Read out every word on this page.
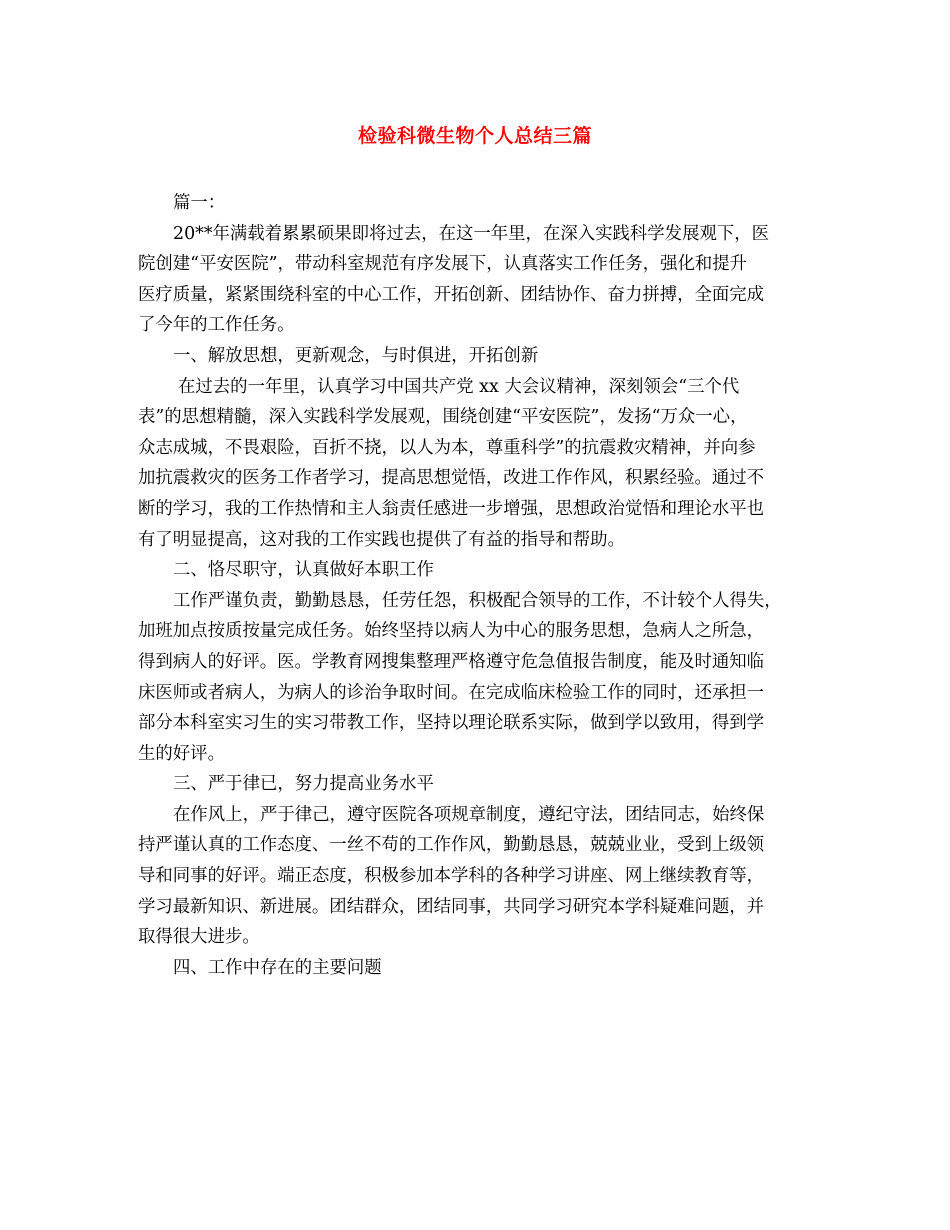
检验科微生物个人总结三篇
篇一：
20**年满载着累累硕果即将过去，在这一年里，在深入实践科学发展观下，医
院创建“平安医院”，带动科室规范有序发展下，认真落实工作任务，强化和提升
医疗质量，紧紧围绕科室的中心工作，开拓创新、团结协作、奋力拼搏，全面完成
了今年的工作任务。
一、解放思想，更新观念，与时俱进，开拓创新
在过去的一年里，认真学习中国共产党 xx 大会议精神，深刻领会“三个代
表”的思想精髓，深入实践科学发展观，围绕创建“平安医院”，发扬“万众一心，
众志成城，不畏艰险，百折不挠，以人为本，尊重科学”的抗震救灾精神，并向参
加抗震救灾的医务工作者学习，提高思想觉悟，改进工作作风，积累经验。通过不
断的学习，我的工作热情和主人翁责任感进一步增强，思想政治觉悟和理论水平也
有了明显提高，这对我的工作实践也提供了有益的指导和帮助。
二、恪尽职守，认真做好本职工作
工作严谨负责，勤勤恳恳，任劳任怨，积极配合领导的工作，不计较个人得失，
加班加点按质按量完成任务。始终坚持以病人为中心的服务思想，急病人之所急，
得到病人的好评。医。学教育网搜集整理严格遵守危急值报告制度，能及时通知临
床医师或者病人，为病人的诊治争取时间。在完成临床检验工作的同时，还承担一
部分本科室实习生的实习带教工作，坚持以理论联系实际，做到学以致用，得到学
生的好评。
三、严于律已，努力提高业务水平
在作风上，严于律己，遵守医院各项规章制度，遵纪守法，团结同志，始终保
持严谨认真的工作态度、一丝不苟的工作作风，勤勤恳恳，兢兢业业，受到上级领
导和同事的好评。端正态度，积极参加本学科的各种学习讲座、网上继续教育等，
学习最新知识、新进展。团结群众，团结同事，共同学习研究本学科疑难问题，并
取得很大进步。
四、工作中存在的主要问题
